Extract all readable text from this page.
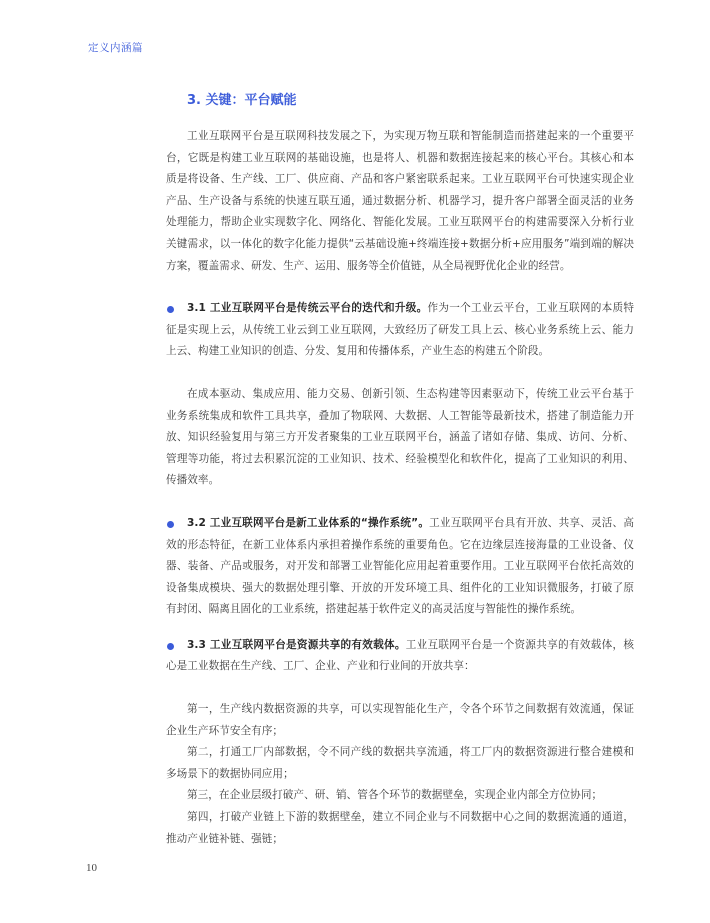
定义内涵篇
3. 关键：平台赋能

工业互联网平台是互联网科技发展之下，为实现万物互联和智能制造而搭建起来的一个重要平台，它既是构建工业互联网的基础设施，也是将人、机器和数据连接起来的核心平台。其核心和本质是将设备、生产线、工厂、供应商、产品和客户紧密联系起来。工业互联网平台可快速实现企业产品、生产设备与系统的快速互联互通，通过数据分析、机器学习，提升客户部署全面灵活的业务处理能力，帮助企业实现数字化、网络化、智能化发展。工业互联网平台的构建需要深入分析行业关键需求，以一体化的数字化能力提供“云基础设施+终端连接+数据分析+应用服务”端到端的解决方案，覆盖需求、研发、生产、运用、服务等全价值链，从全局视野优化企业的经营。

3.1 工业互联网平台是传统云平台的迭代和升级。作为一个工业云平台，工业互联网的本质特征是实现上云，从传统工业云到工业互联网，大致经历了研发工具上云、核心业务系统上云、能力上云、构建工业知识的创造、分发、复用和传播体系，产业生态的构建五个阶段。

在成本驱动、集成应用、能力交易、创新引领、生态构建等因素驱动下，传统工业云平台基于业务系统集成和软件工具共享，叠加了物联网、大数据、人工智能等最新技术，搭建了制造能力开放、知识经验复用与第三方开发者聚集的工业互联网平台，涵盖了诸如存储、集成、访问、分析、管理等功能，将过去积累沉淀的工业知识、技术、经验模型化和软件化，提高了工业知识的利用、传播效率。

3.2 工业互联网平台是新工业体系的“操作系统”。工业互联网平台具有开放、共享、灵活、高效的形态特征，在新工业体系内承担着操作系统的重要角色。它在边缘层连接海量的工业设备、仪器、装备、产品或服务，对开发和部署工业智能化应用起着重要作用。工业互联网平台依托高效的设备集成模块、强大的数据处理引擎、开放的开发环境工具、组件化的工业知识微服务，打破了原有封闭、隔离且固化的工业系统，搭建起基于软件定义的高灵活度与智能性的操作系统。

3.3 工业互联网平台是资源共享的有效载体。工业互联网平台是一个资源共享的有效载体，核心是工业数据在生产线、工厂、企业、产业和行业间的开放共享：

第一，生产线内数据资源的共享，可以实现智能化生产，令各个环节之间数据有效流通，保证企业生产环节安全有序；

第二，打通工厂内部数据，令不同产线的数据共享流通，将工厂内的数据资源进行整合建模和多场景下的数据协同应用；

第三，在企业层级打破产、研、销、管各个环节的数据壁垒，实现企业内部全方位协同；

第四，打破产业链上下游的数据壁垒，建立不同企业与不同数据中心之间的数据流通的通道，推动产业链补链、强链；

10
